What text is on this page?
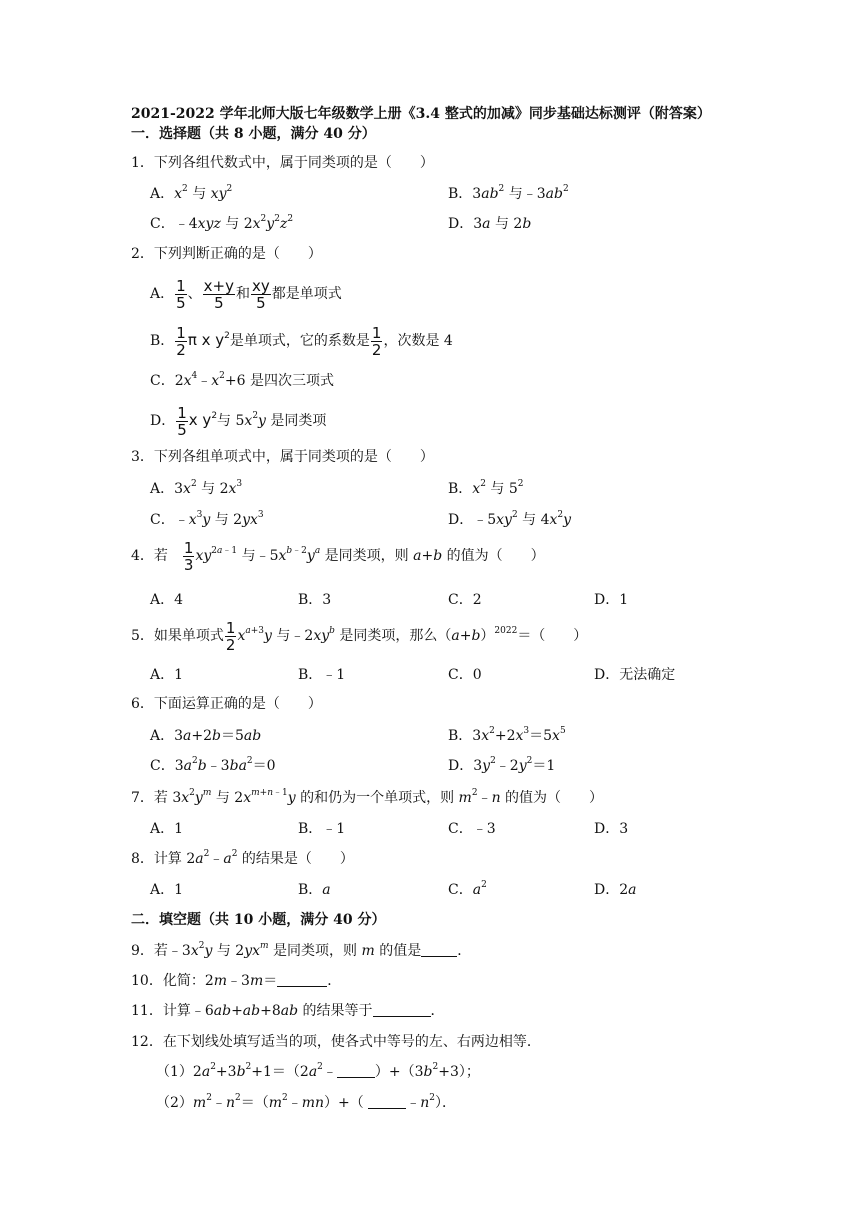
2021-2022 学年北师大版七年级数学上册《3.4 整式的加减》同步基础达标测评（附答案）
一．选择题（共 8 小题，满分 40 分）
1．下列各组代数式中，属于同类项的是（　　）
A．$x^2$ 与 $xy^2$	B．$3ab^2$ 与$﹣3ab^2$
C．﹣4xyz 与 $2x^2y^2z^2$	D．3a 与 2b
2．下列判断正确的是（　　）
A． $\frac{1}{5}$ 、 $\frac{x+y}{5}$ 和 $\frac{xy}{5}$ 都是单项式
B． $\frac{1}{2}$ π x $y^2$是单项式，它的系数是 $\frac{1}{2}$ ，次数是 4
C．$2x^4﹣x^2+6$ 是四次三项式
D． $\frac{1}{5}$ x $y^2$与 $5x^2y$ 是同类项
3．下列各组单项式中，属于同类项的是（　　）
A．$3x^2$ 与 $2x^3$	B．$x^2$ 与 $5^2$
C．$﹣x^3y$ 与 $2yx^3$	D．$﹣5xy^2$ 与 $4x^2y$
4．若　 $\frac{1}{3} xy^{2a﹣1}$ 与$﹣5x^{b﹣2}y^a$ 是同类项，则 a+b 的值为（　　）
A．4	B．3	C．2	D．1
5．如果单项式 $\frac{1}{2} x^{a+3}y$ 与$﹣2xy^b$ 是同类项，那么$(a+b)^{2022}=$（　　）
A．1	B．﹣1	C．0	D．无法确定
6．下面运算正确的是（　　）
A．3a+2b＝5ab	B．$3x^2+2x^3=5x^5$
C．$3a^2b﹣3ba^2=0$	D．$3y^2﹣2y^2=1$
7．若 $3x^2y^m$ 与 $2x^{m+n﹣1}y$ 的和仍为一个单项式，则 $m^2﹣n$ 的值为（　　）
A．1	B．﹣1	C．﹣3	D．3
8．计算 $2a^2﹣a^2$ 的结果是（　　）
A．1	B．a	C．$a^2$	D．2a
二．填空题（共 10 小题，满分 40 分）
9．若$﹣3x^2y$ 与 $2yx^m$ 是同类项，则 m 的值是	．
10．化简：2m﹣3m＝	．
11．计算﹣6ab+ab+8ab 的结果等于	．
12．在下划线处填写适当的项，使各式中等号的左、右两边相等．
$(1)2a^2+3b^2+1=(2a^2﹣$	）$+(3b^2+3)$；
$(2)m^2﹣n^2=(m^2﹣mn)+$（	$﹣n^2$）．
